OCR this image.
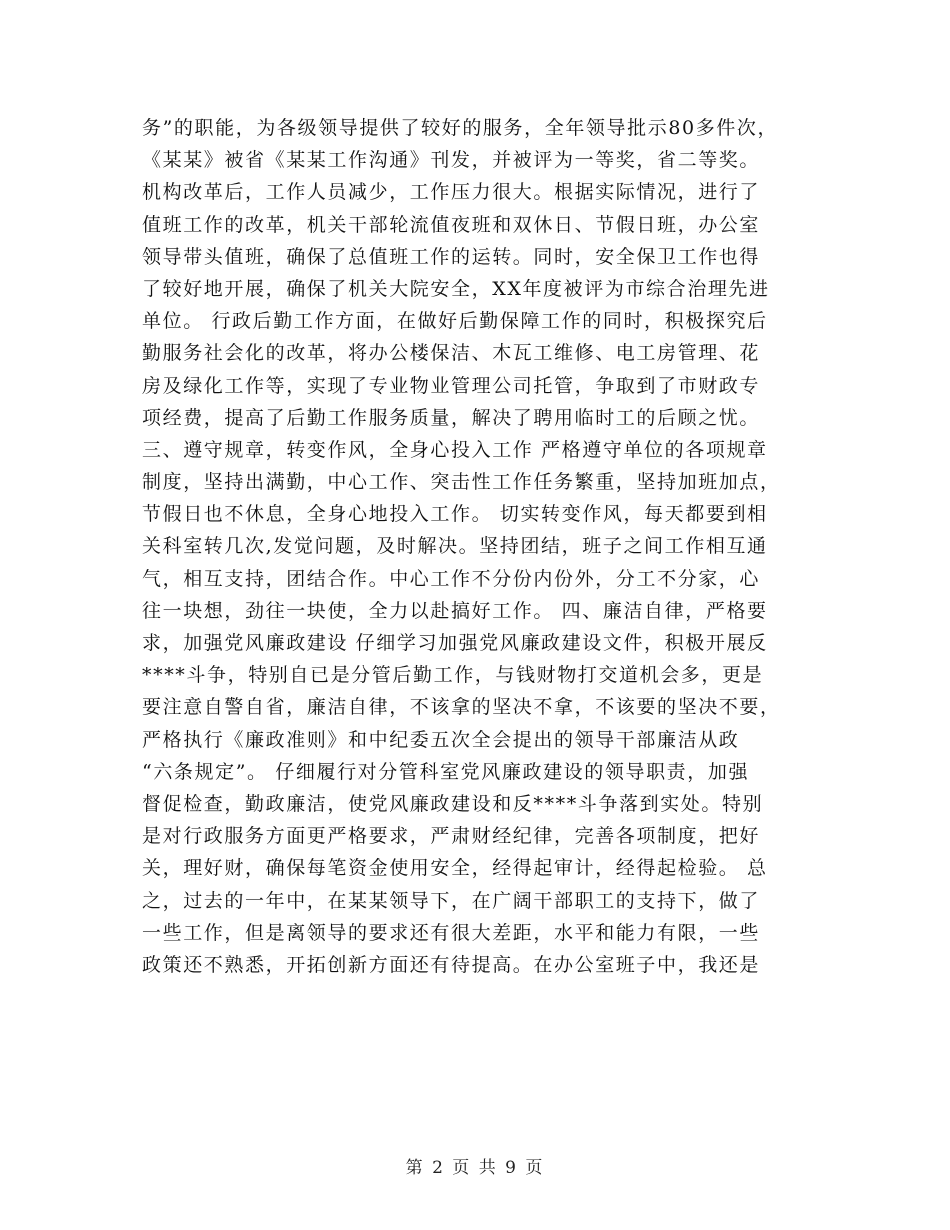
务”的职能，为各级领导提供了较好的服务，全年领导批示80多件次，
《某某》被省《某某工作沟通》刊发，并被评为一等奖，省二等奖。
机构改革后，工作人员减少，工作压力很大。根据实际情况，进行了
值班工作的改革，机关干部轮流值夜班和双休日、节假日班，办公室
领导带头值班，确保了总值班工作的运转。同时，安全保卫工作也得
了较好地开展，确保了机关大院安全，XX年度被评为市综合治理先进
单位。 行政后勤工作方面，在做好后勤保障工作的同时，积极探究后
勤服务社会化的改革，将办公楼保洁、木瓦工维修、电工房管理、花
房及绿化工作等，实现了专业物业管理公司托管，争取到了市财政专
项经费，提高了后勤工作服务质量，解决了聘用临时工的后顾之忧。
三、遵守规章，转变作风，全身心投入工作 严格遵守单位的各项规章
制度，坚持出满勤，中心工作、突击性工作任务繁重，坚持加班加点，
节假日也不休息，全身心地投入工作。 切实转变作风，每天都要到相
关科室转几次,发觉问题，及时解决。坚持团结，班子之间工作相互通
气，相互支持，团结合作。中心工作不分份内份外，分工不分家，心
往一块想，劲往一块使，全力以赴搞好工作。 四、廉洁自律，严格要
求，加强党风廉政建设 仔细学习加强党风廉政建设文件，积极开展反
****斗争，特别自已是分管后勤工作，与钱财物打交道机会多，更是
要注意自警自省，廉洁自律，不该拿的坚决不拿，不该要的坚决不要，
严格执行《廉政准则》和中纪委五次全会提出的领导干部廉洁从政
“六条规定”。 仔细履行对分管科室党风廉政建设的领导职责，加强
督促检查，勤政廉洁，使党风廉政建设和反****斗争落到实处。特别
是对行政服务方面更严格要求，严肃财经纪律，完善各项制度，把好
关，理好财，确保每笔资金使用安全，经得起审计，经得起检验。 总
之，过去的一年中，在某某领导下，在广阔干部职工的支持下，做了
一些工作，但是离领导的要求还有很大差距，水平和能力有限，一些
政策还不熟悉，开拓创新方面还有待提高。在办公室班子中，我还是
第 2 页 共 9 页
